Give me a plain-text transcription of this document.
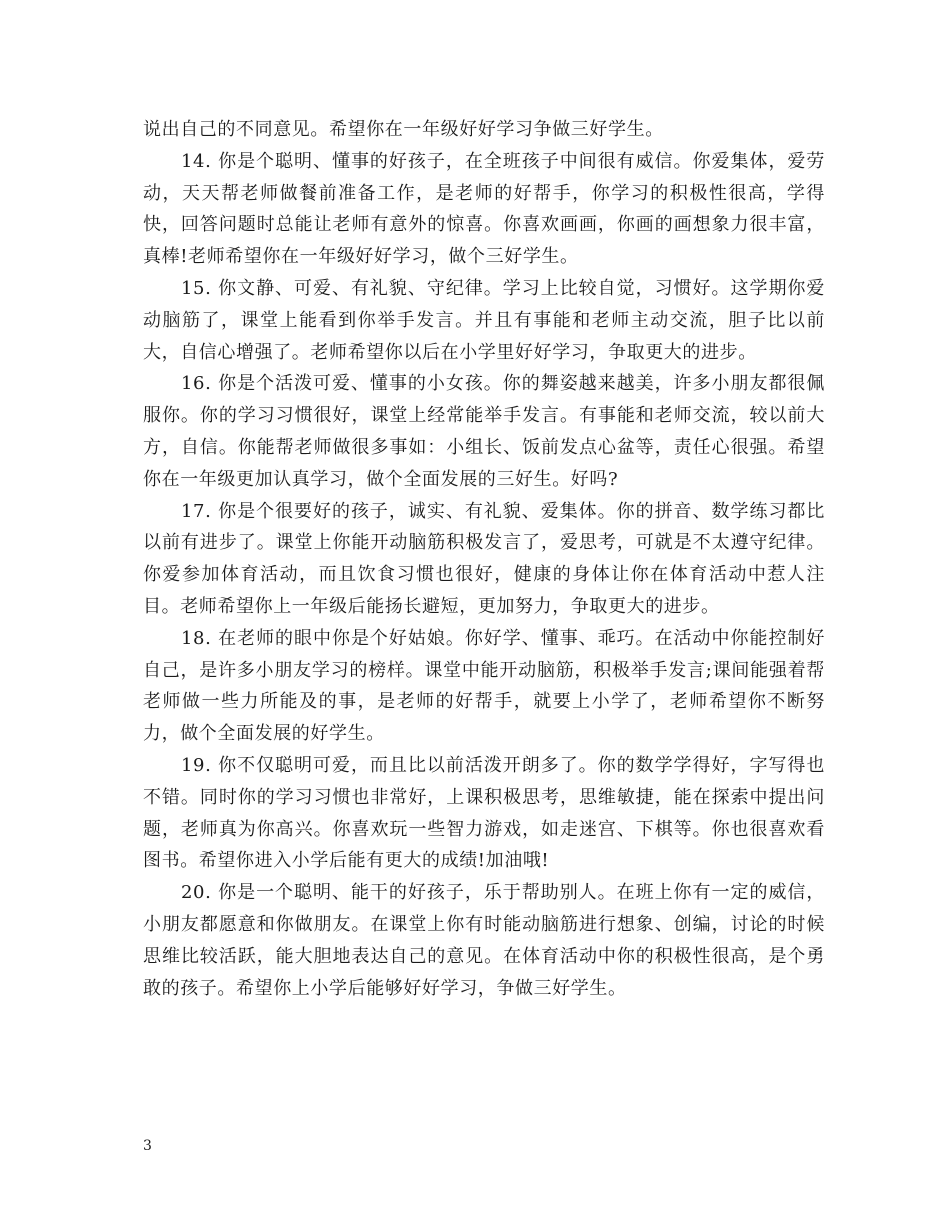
说出自己的不同意见。希望你在一年级好好学习争做三好学生。

14. 你是个聪明、懂事的好孩子，在全班孩子中间很有威信。你爱集体，爱劳动，天天帮老师做餐前准备工作，是老师的好帮手，你学习的积极性很高，学得快，回答问题时总能让老师有意外的惊喜。你喜欢画画，你画的画想象力很丰富，真棒!老师希望你在一年级好好学习，做个三好学生。

15. 你文静、可爱、有礼貌、守纪律。学习上比较自觉，习惯好。这学期你爱动脑筋了，课堂上能看到你举手发言。并且有事能和老师主动交流，胆子比以前大，自信心增强了。老师希望你以后在小学里好好学习，争取更大的进步。

16. 你是个活泼可爱、懂事的小女孩。你的舞姿越来越美，许多小朋友都很佩服你。你的学习习惯很好，课堂上经常能举手发言。有事能和老师交流，较以前大方，自信。你能帮老师做很多事如：小组长、饭前发点心盆等，责任心很强。希望你在一年级更加认真学习，做个全面发展的三好生。好吗?

17. 你是个很要好的孩子，诚实、有礼貌、爱集体。你的拼音、数学练习都比以前有进步了。课堂上你能开动脑筋积极发言了，爱思考，可就是不太遵守纪律。你爱参加体育活动，而且饮食习惯也很好，健康的身体让你在体育活动中惹人注目。老师希望你上一年级后能扬长避短，更加努力，争取更大的进步。

18. 在老师的眼中你是个好姑娘。你好学、懂事、乖巧。在活动中你能控制好自己，是许多小朋友学习的榜样。课堂中能开动脑筋，积极举手发言;课间能强着帮老师做一些力所能及的事，是老师的好帮手，就要上小学了，老师希望你不断努力，做个全面发展的好学生。

19. 你不仅聪明可爱，而且比以前活泼开朗多了。你的数学学得好，字写得也不错。同时你的学习习惯也非常好，上课积极思考，思维敏捷，能在探索中提出问题，老师真为你高兴。你喜欢玩一些智力游戏，如走迷宫、下棋等。你也很喜欢看图书。希望你进入小学后能有更大的成绩!加油哦!

20. 你是一个聪明、能干的好孩子，乐于帮助别人。在班上你有一定的威信，小朋友都愿意和你做朋友。在课堂上你有时能动脑筋进行想象、创编，讨论的时候思维比较活跃，能大胆地表达自己的意见。在体育活动中你的积极性很高，是个勇敢的孩子。希望你上小学后能够好好学习，争做三好学生。

3
